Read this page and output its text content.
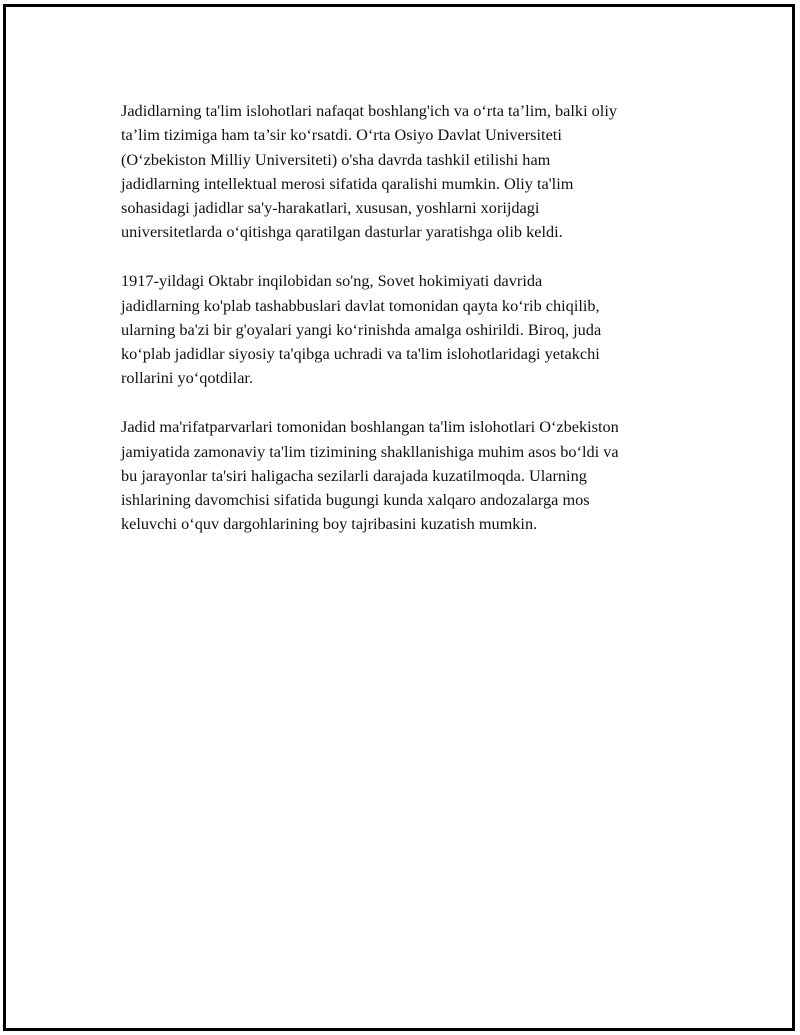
Jadidlarning ta'lim islohotlari nafaqat boshlang'ich va o‘rta ta’lim, balki oliy
ta’lim tizimiga ham ta’sir ko‘rsatdi. O‘rta Osiyo Davlat Universiteti
(O‘zbekiston Milliy Universiteti) o'sha davrda tashkil etilishi ham
jadidlarning intellektual merosi sifatida qaralishi mumkin. Oliy ta'lim
sohasidagi jadidlar sa'y-harakatlari, xususan, yoshlarni xorijdagi
universitetlarda o‘qitishga qaratilgan dasturlar yaratishga olib keldi.

1917-yildagi Oktabr inqilobidan so'ng, Sovet hokimiyati davrida
jadidlarning ko'plab tashabbuslari davlat tomonidan qayta ko‘rib chiqilib,
ularning ba'zi bir g'oyalari yangi ko‘rinishda amalga oshirildi. Biroq, juda
ko‘plab jadidlar siyosiy ta'qibga uchradi va ta'lim islohotlaridagi yetakchi
rollarini yo‘qotdilar.

Jadid ma'rifatparvarlari tomonidan boshlangan ta'lim islohotlari O‘zbekiston
jamiyatida zamonaviy ta'lim tizimining shakllanishiga muhim asos bo‘ldi va
bu jarayonlar ta'siri haligacha sezilarli darajada kuzatilmoqda. Ularning
ishlarining davomchisi sifatida bugungi kunda xalqaro andozalarga mos
keluvchi o‘quv dargohlarining boy tajribasini kuzatish mumkin.
